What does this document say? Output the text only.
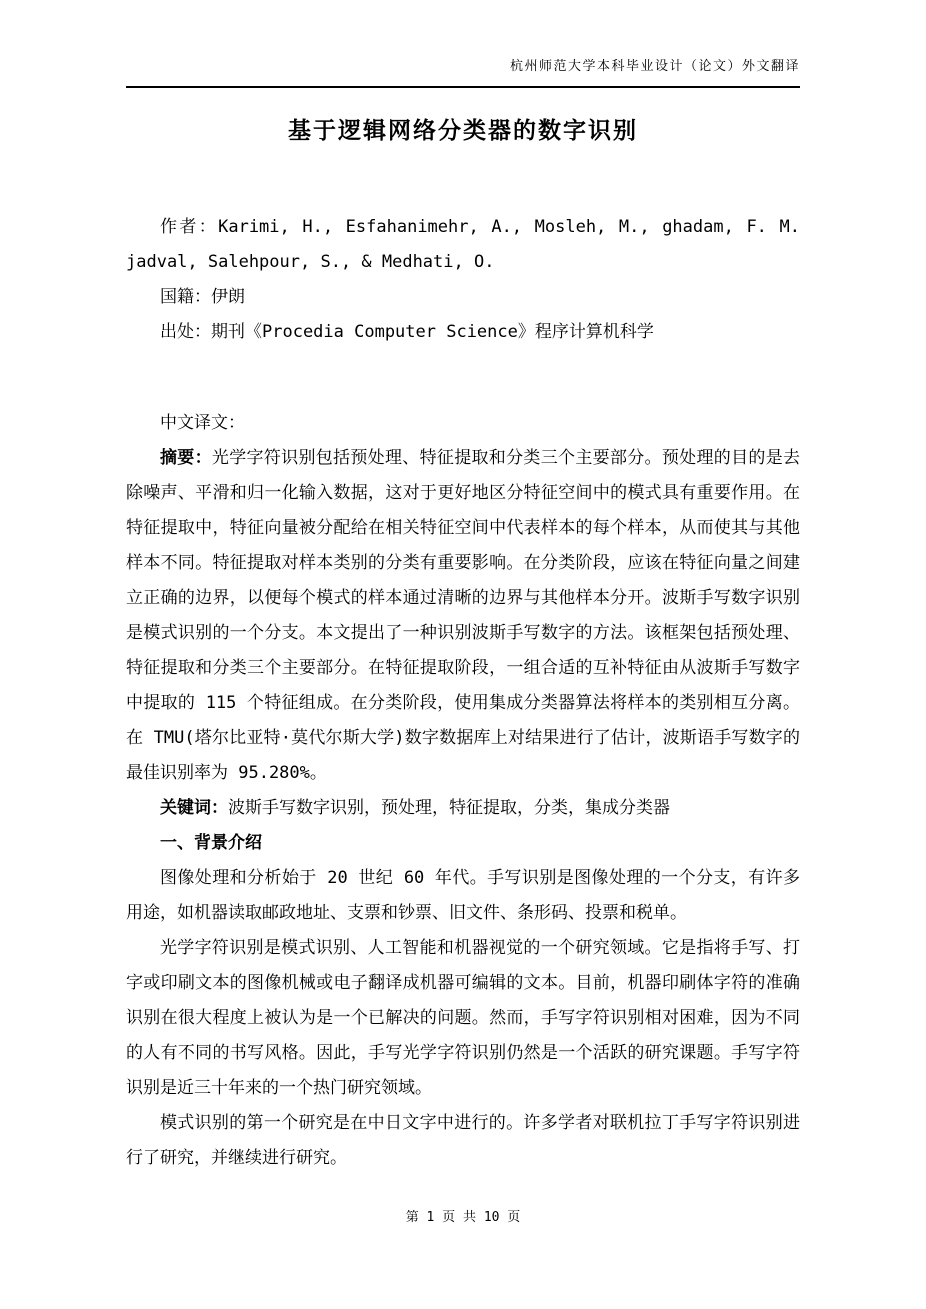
杭州师范大学本科毕业设计（论文）外文翻译
基于逻辑网络分类器的数字识别

作者：Karimi, H., Esfahanimehr, A., Mosleh, M., ghadam, F. M. jadval, Salehpour, S., & Medhati, O.

国籍：伊朗

出处：期刊《Procedia Computer Science》程序计算机科学

中文译文：

摘要：光学字符识别包括预处理、特征提取和分类三个主要部分。预处理的目的是去除噪声、平滑和归一化输入数据，这对于更好地区分特征空间中的模式具有重要作用。在特征提取中，特征向量被分配给在相关特征空间中代表样本的每个样本，从而使其与其他样本不同。特征提取对样本类别的分类有重要影响。在分类阶段，应该在特征向量之间建立正确的边界，以便每个模式的样本通过清晰的边界与其他样本分开。波斯手写数字识别是模式识别的一个分支。本文提出了一种识别波斯手写数字的方法。该框架包括预处理、特征提取和分类三个主要部分。在特征提取阶段，一组合适的互补特征由从波斯手写数字中提取的 115 个特征组成。在分类阶段，使用集成分类器算法将样本的类别相互分离。在 TMU(塔尔比亚特·莫代尔斯大学)数字数据库上对结果进行了估计，波斯语手写数字的最佳识别率为 95.280%。

关键词：波斯手写数字识别，预处理，特征提取，分类，集成分类器

一、背景介绍

图像处理和分析始于 20 世纪 60 年代。手写识别是图像处理的一个分支，有许多用途，如机器读取邮政地址、支票和钞票、旧文件、条形码、投票和税单。

光学字符识别是模式识别、人工智能和机器视觉的一个研究领域。它是指将手写、打字或印刷文本的图像机械或电子翻译成机器可编辑的文本。目前，机器印刷体字符的准确识别在很大程度上被认为是一个已解决的问题。然而，手写字符识别相对困难，因为不同的人有不同的书写风格。因此，手写光学字符识别仍然是一个活跃的研究课题。手写字符识别是近三十年来的一个热门研究领域。

模式识别的第一个研究是在中日文字中进行的。许多学者对联机拉丁手写字符识别进行了研究，并继续进行研究。

第 1 页 共 10 页
